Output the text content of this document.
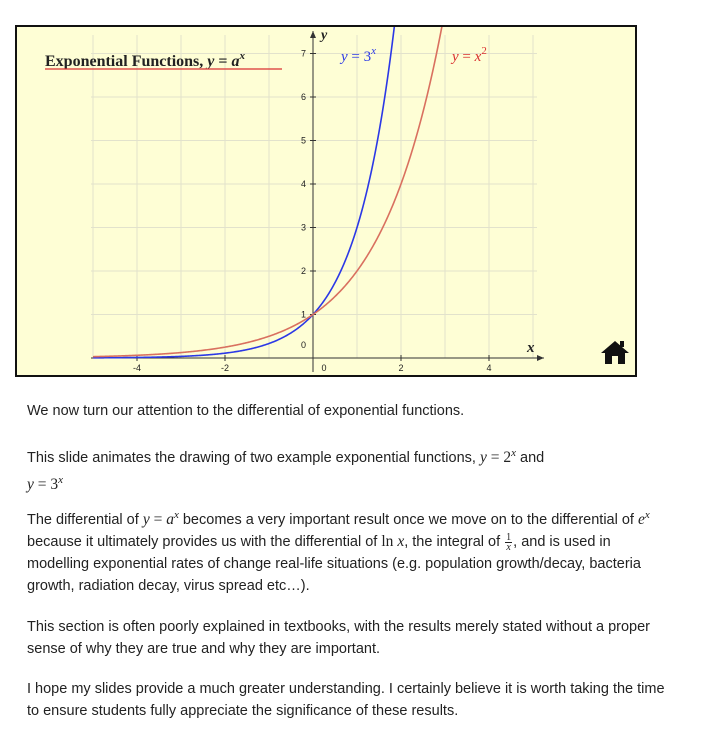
-4	-2	0	2	4
0
1
2
3
4
5
6
7
Exponential Functions, $y = a^x$	$y = 3^x$	$y = x^2$
y
x

We now turn our attention to the differential of exponential functions.

This slide animates the drawing of two example exponential functions, $y = 2^x$ and
$y = 3^x$

The differential of $y = a^x$ becomes a very important result once we move on to the differential of $e^x$ because it ultimately provides us with the differential of ln x, the integral of $\frac{1}{x}$ , and is used in modelling exponential rates of change real-life situations (e.g. population growth/decay, bacteria growth, radiation decay, virus spread etc…).

This section is often poorly explained in textbooks, with the results merely stated without a proper sense of why they are true and why they are important.

I hope my slides provide a much greater understanding. I certainly believe it is worth taking the time to ensure students fully appreciate the significance of these results.
